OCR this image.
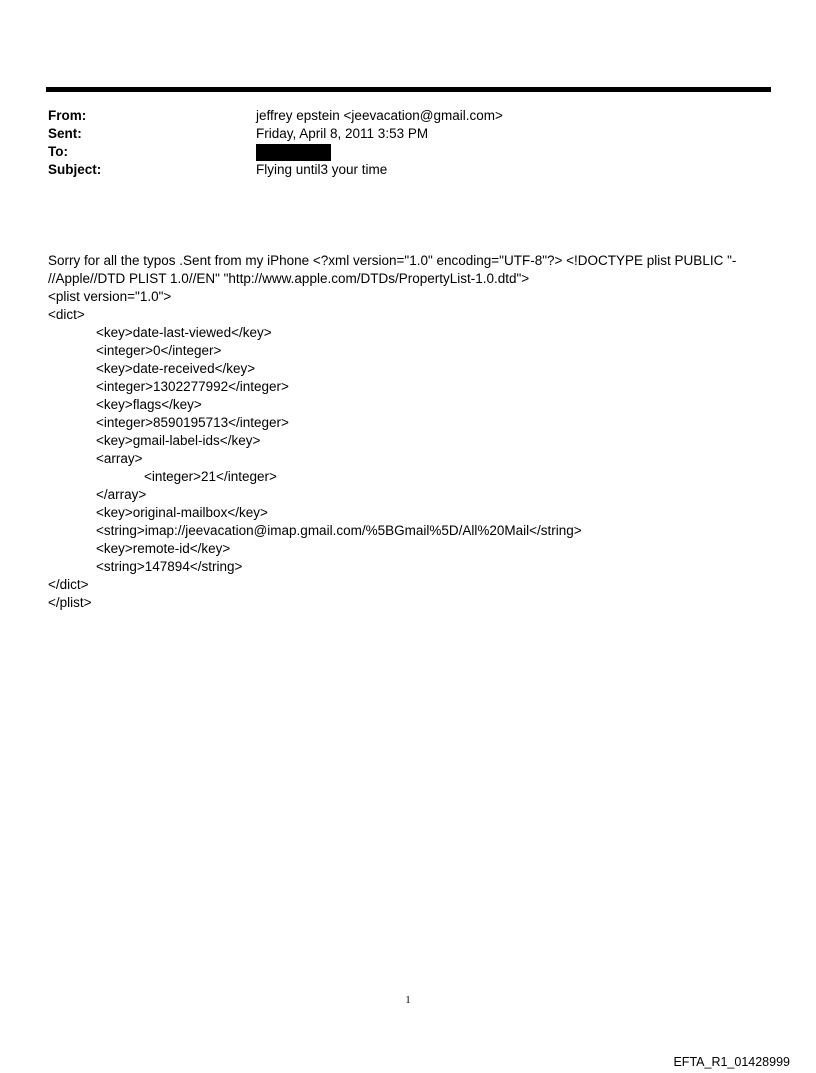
From:	jeffrey epstein <jeevacation@gmail.com>
Sent:	Friday, April 8, 2011 3:53 PM
To:
Subject:	Flying until3 your time
Sorry for all the typos .Sent from my iPhone <?xml version="1.0" encoding="UTF-8"?> <!DOCTYPE plist PUBLIC "-
//Apple//DTD PLIST 1.0//EN" "http://www.apple.com/DTDs/PropertyList-1.0.dtd">
<plist version="1.0">
<dict>
<key>date-last-viewed</key>
<integer>0</integer>
<key>date-received</key>
<integer>1302277992</integer>
<key>flags</key>
<integer>8590195713</integer>
<key>gmail-label-ids</key>
<array>
<integer>21</integer>
</array>
<key>original-mailbox</key>
<string>imap://jeevacation@imap.gmail.com/%5BGmail%5D/All%20Mail</string>
<key>remote-id</key>
<string>147894</string>
</dict>
</plist>
1
EFTA_R1_01428999
